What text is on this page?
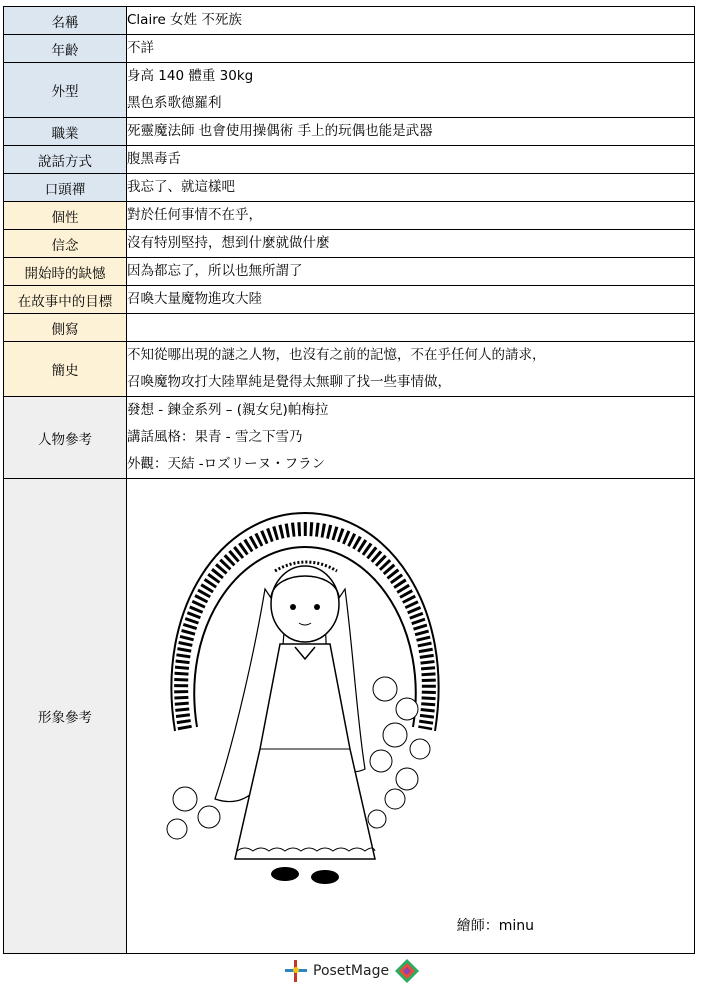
名稱	Claire 女姓 不死族

年齡	不詳

外型	身高 140 體重 30kg
黑色系歌德羅利

職業	死靈魔法師 也會使用操偶術 手上的玩偶也能是武器

說話方式	腹黑毒舌

口頭禪	我忘了、就這樣吧

個性	對於任何事情不在乎，

信念	沒有特別堅持，想到什麼就做什麼

開始時的缺憾	因為都忘了，所以也無所謂了

在故事中的目標	召喚大量魔物進攻大陸

側寫	

簡史	不知從哪出現的謎之人物，也沒有之前的記憶，不在乎任何人的請求，
召喚魔物攻打大陸單純是覺得太無聊了找一些事情做，

人物參考	發想 - 鍊金系列 – (親女兒)帕梅拉
講話風格：果青 - 雪之下雪乃
外觀：天結 -ロズリーヌ・フラン

形象參考	繪師：minu
PosetMage
